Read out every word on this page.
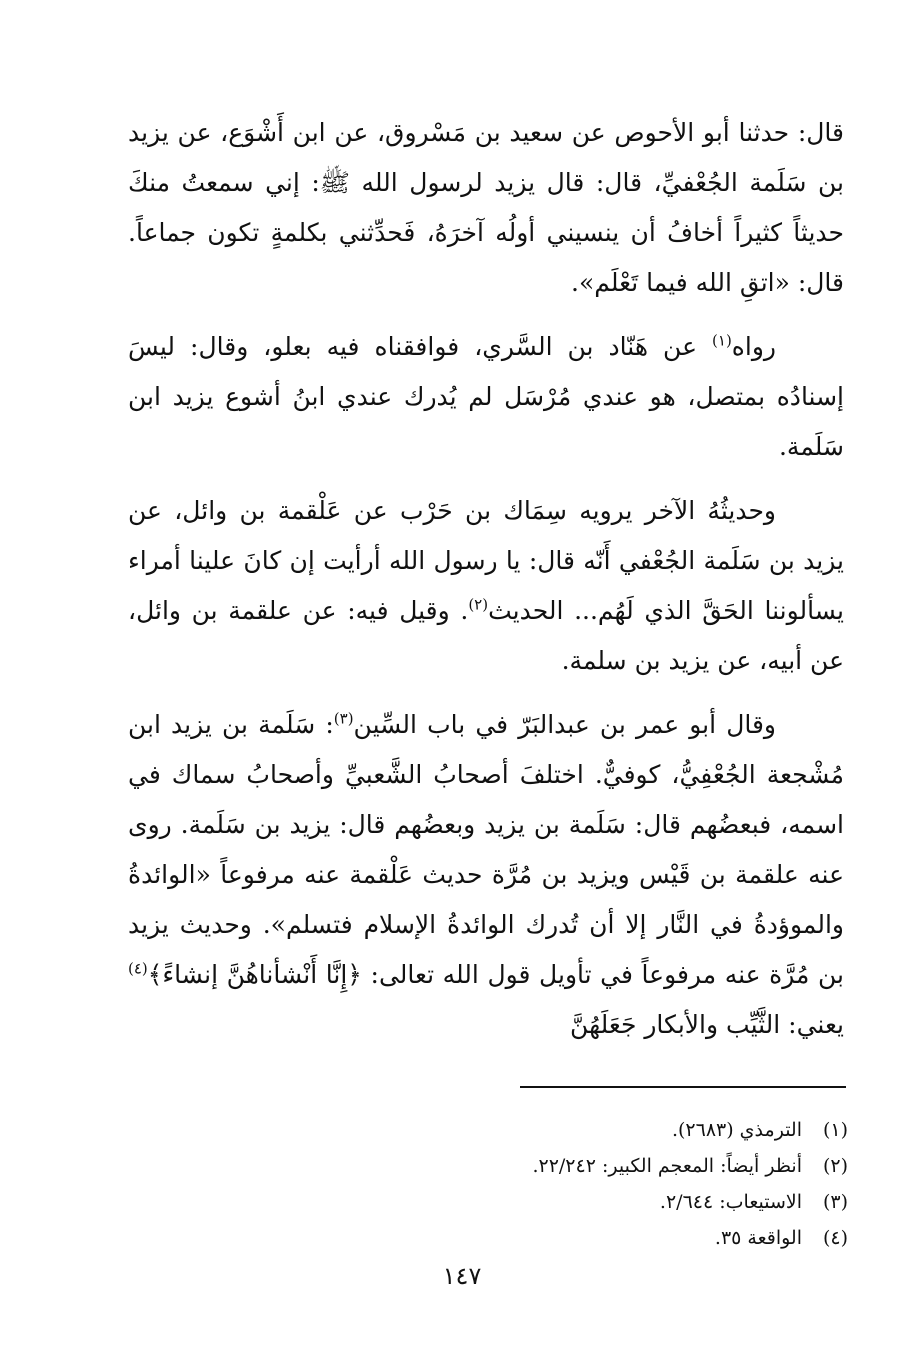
قال: حدثنا أبو الأحوص عن سعيد بن مَسْروق، عن ابن أَشْوَع، عن يزيد بن سَلَمة الجُعْفيِّ، قال: قال يزيد لرسول الله ﷺ: إني سمعتُ منكَ حديثاً كثيراً أخافُ أن ينسيني أولُه آخرَهُ، فَحدِّثني بكلمةٍ تكون جماعاً. قال: «اتقِ الله فيما تَعْلَم».

رواه$^{(١)}$ عن هَنّاد بن السَّري، فوافقناه فيه بعلو، وقال: ليسَ إسنادُه بمتصل، هو عندي مُرْسَل لم يُدرك عندي ابنُ أشوع يزيد ابن سَلَمة.

وحديثُهُ الآخر يرويه سِمَاك بن حَرْب عن عَلْقمة بن وائل، عن يزيد بن سَلَمة الجُعْفي أَنّه قال: يا رسول الله أرأيت إن كانَ علينا أمراء يسألوننا الحَقَّ الذي لَهُم... الحديث$^{(٢)}$. وقيل فيه: عن علقمة بن وائل، عن أبيه، عن يزيد بن سلمة.

وقال أبو عمر بن عبدالبَرّ في باب السِّين$^{(٣)}$: سَلَمة بن يزيد ابن مُشْجعة الجُعْفِيُّ، كوفيٌّ. اختلفَ أصحابُ الشَّعبيِّ وأصحابُ سماك في اسمه، فبعضُهم قال: سَلَمة بن يزيد وبعضُهم قال: يزيد بن سَلَمة. روى عنه علقمة بن قَيْس ويزيد بن مُرَّة حديث عَلْقمة عنه مرفوعاً «الوائدةُ والموؤدةُ في النَّار إلا أن تُدرك الوائدةُ الإسلام فتسلم». وحديث يزيد بن مُرَّة عنه مرفوعاً في تأويل قول الله تعالى: ﴿إِنَّا أَنْشأناهُنَّ إنشاءً﴾$^{(٤)}$ يعني: الثَّيِّب والأبكار جَعَلَهُنَّ

(١)
الترمذي (٢٦٨٣).
(٢)
أنظر أيضاً: المعجم الكبير: ٢٢/٢٤٢.
(٣)
الاستيعاب: ٢/٦٤٤.
(٤)
الواقعة ٣٥.
١٤٧
